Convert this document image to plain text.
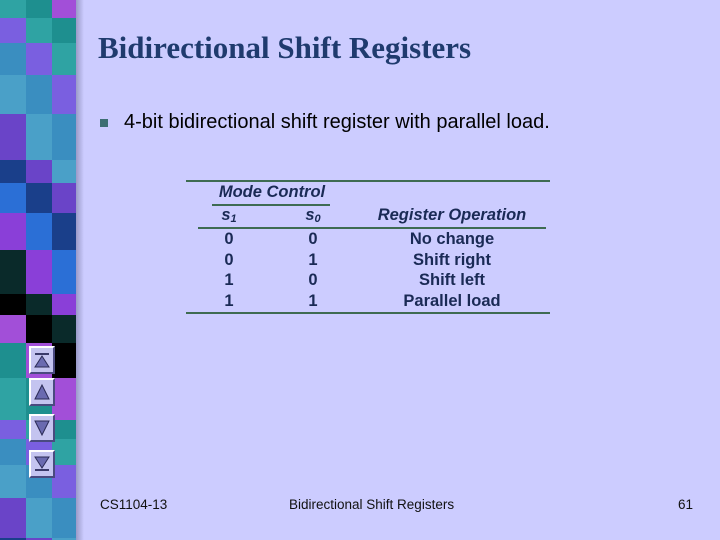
Bidirectional Shift Registers
4-bit bidirectional shift register with parallel load.
Mode Control
s1	s0	Register Operation
0	0	No change
0	1	Shift right
1	0	Shift left
1	1	Parallel load
CS1104-13	Bidirectional Shift Registers	61
